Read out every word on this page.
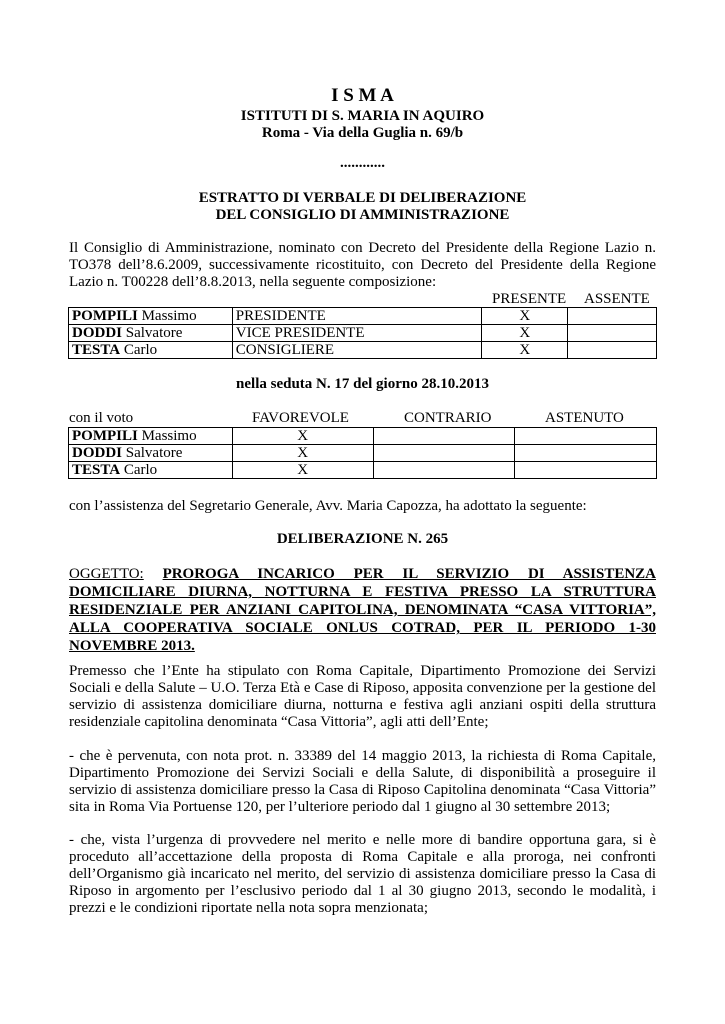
I S M A
ISTITUTI DI S. MARIA IN AQUIRO
Roma - Via della Guglia n. 69/b
............
ESTRATTO DI VERBALE DI DELIBERAZIONE
DEL CONSIGLIO DI AMMINISTRAZIONE

Il Consiglio di Amministrazione, nominato con Decreto del Presidente della Regione Lazio n. TO378 dell’8.6.2009, successivamente ricostituito, con Decreto del Presidente della Regione Lazio n. T00228 dell’8.8.2013, nella seguente composizione:

PRESENTE ASSENTE
POMPILI Massimo	PRESIDENTE	X	
DODDI Salvatore	VICE PRESIDENTE	X	
TESTA Carlo	CONSIGLIERE	X	
nella seduta N. 17 del giorno 28.10.2013
con il voto	FAVOREVOLE	CONTRARIO	ASTENUTO
POMPILI Massimo	X		
DODDI Salvatore	X		
TESTA Carlo	X		

con l’assistenza del Segretario Generale, Avv. Maria Capozza, ha adottato la seguente:

DELIBERAZIONE N. 265

OGGETTO: PROROGA INCARICO PER IL SERVIZIO DI ASSISTENZA DOMICILIARE DIURNA, NOTTURNA E FESTIVA PRESSO LA STRUTTURA RESIDENZIALE PER ANZIANI CAPITOLINA, DENOMINATA “CASA VITTORIA”, ALLA COOPERATIVA SOCIALE ONLUS COTRAD, PER IL PERIODO 1-30 NOVEMBRE 2013.

Premesso che l’Ente ha stipulato con Roma Capitale, Dipartimento Promozione dei Servizi Sociali e della Salute – U.O. Terza Età e Case di Riposo, apposita convenzione per la gestione del servizio di assistenza domiciliare diurna, notturna e festiva agli anziani ospiti della struttura residenziale capitolina denominata “Casa Vittoria”, agli atti dell’Ente;

- che è pervenuta, con nota prot. n. 33389 del 14 maggio 2013, la richiesta di Roma Capitale, Dipartimento Promozione dei Servizi Sociali e della Salute, di disponibilità a proseguire il servizio di assistenza domiciliare presso la Casa di Riposo Capitolina denominata “Casa Vittoria” sita in Roma Via Portuense 120, per l’ulteriore periodo dal 1 giugno al 30 settembre 2013;

- che, vista l’urgenza di provvedere nel merito e nelle more di bandire opportuna gara, si è proceduto all’accettazione della proposta di Roma Capitale e alla proroga, nei confronti dell’Organismo già incaricato nel merito, del servizio di assistenza domiciliare presso la Casa di Riposo in argomento per l’esclusivo periodo dal 1 al 30 giugno 2013, secondo le modalità, i prezzi e le condizioni riportate nella nota sopra menzionata;
